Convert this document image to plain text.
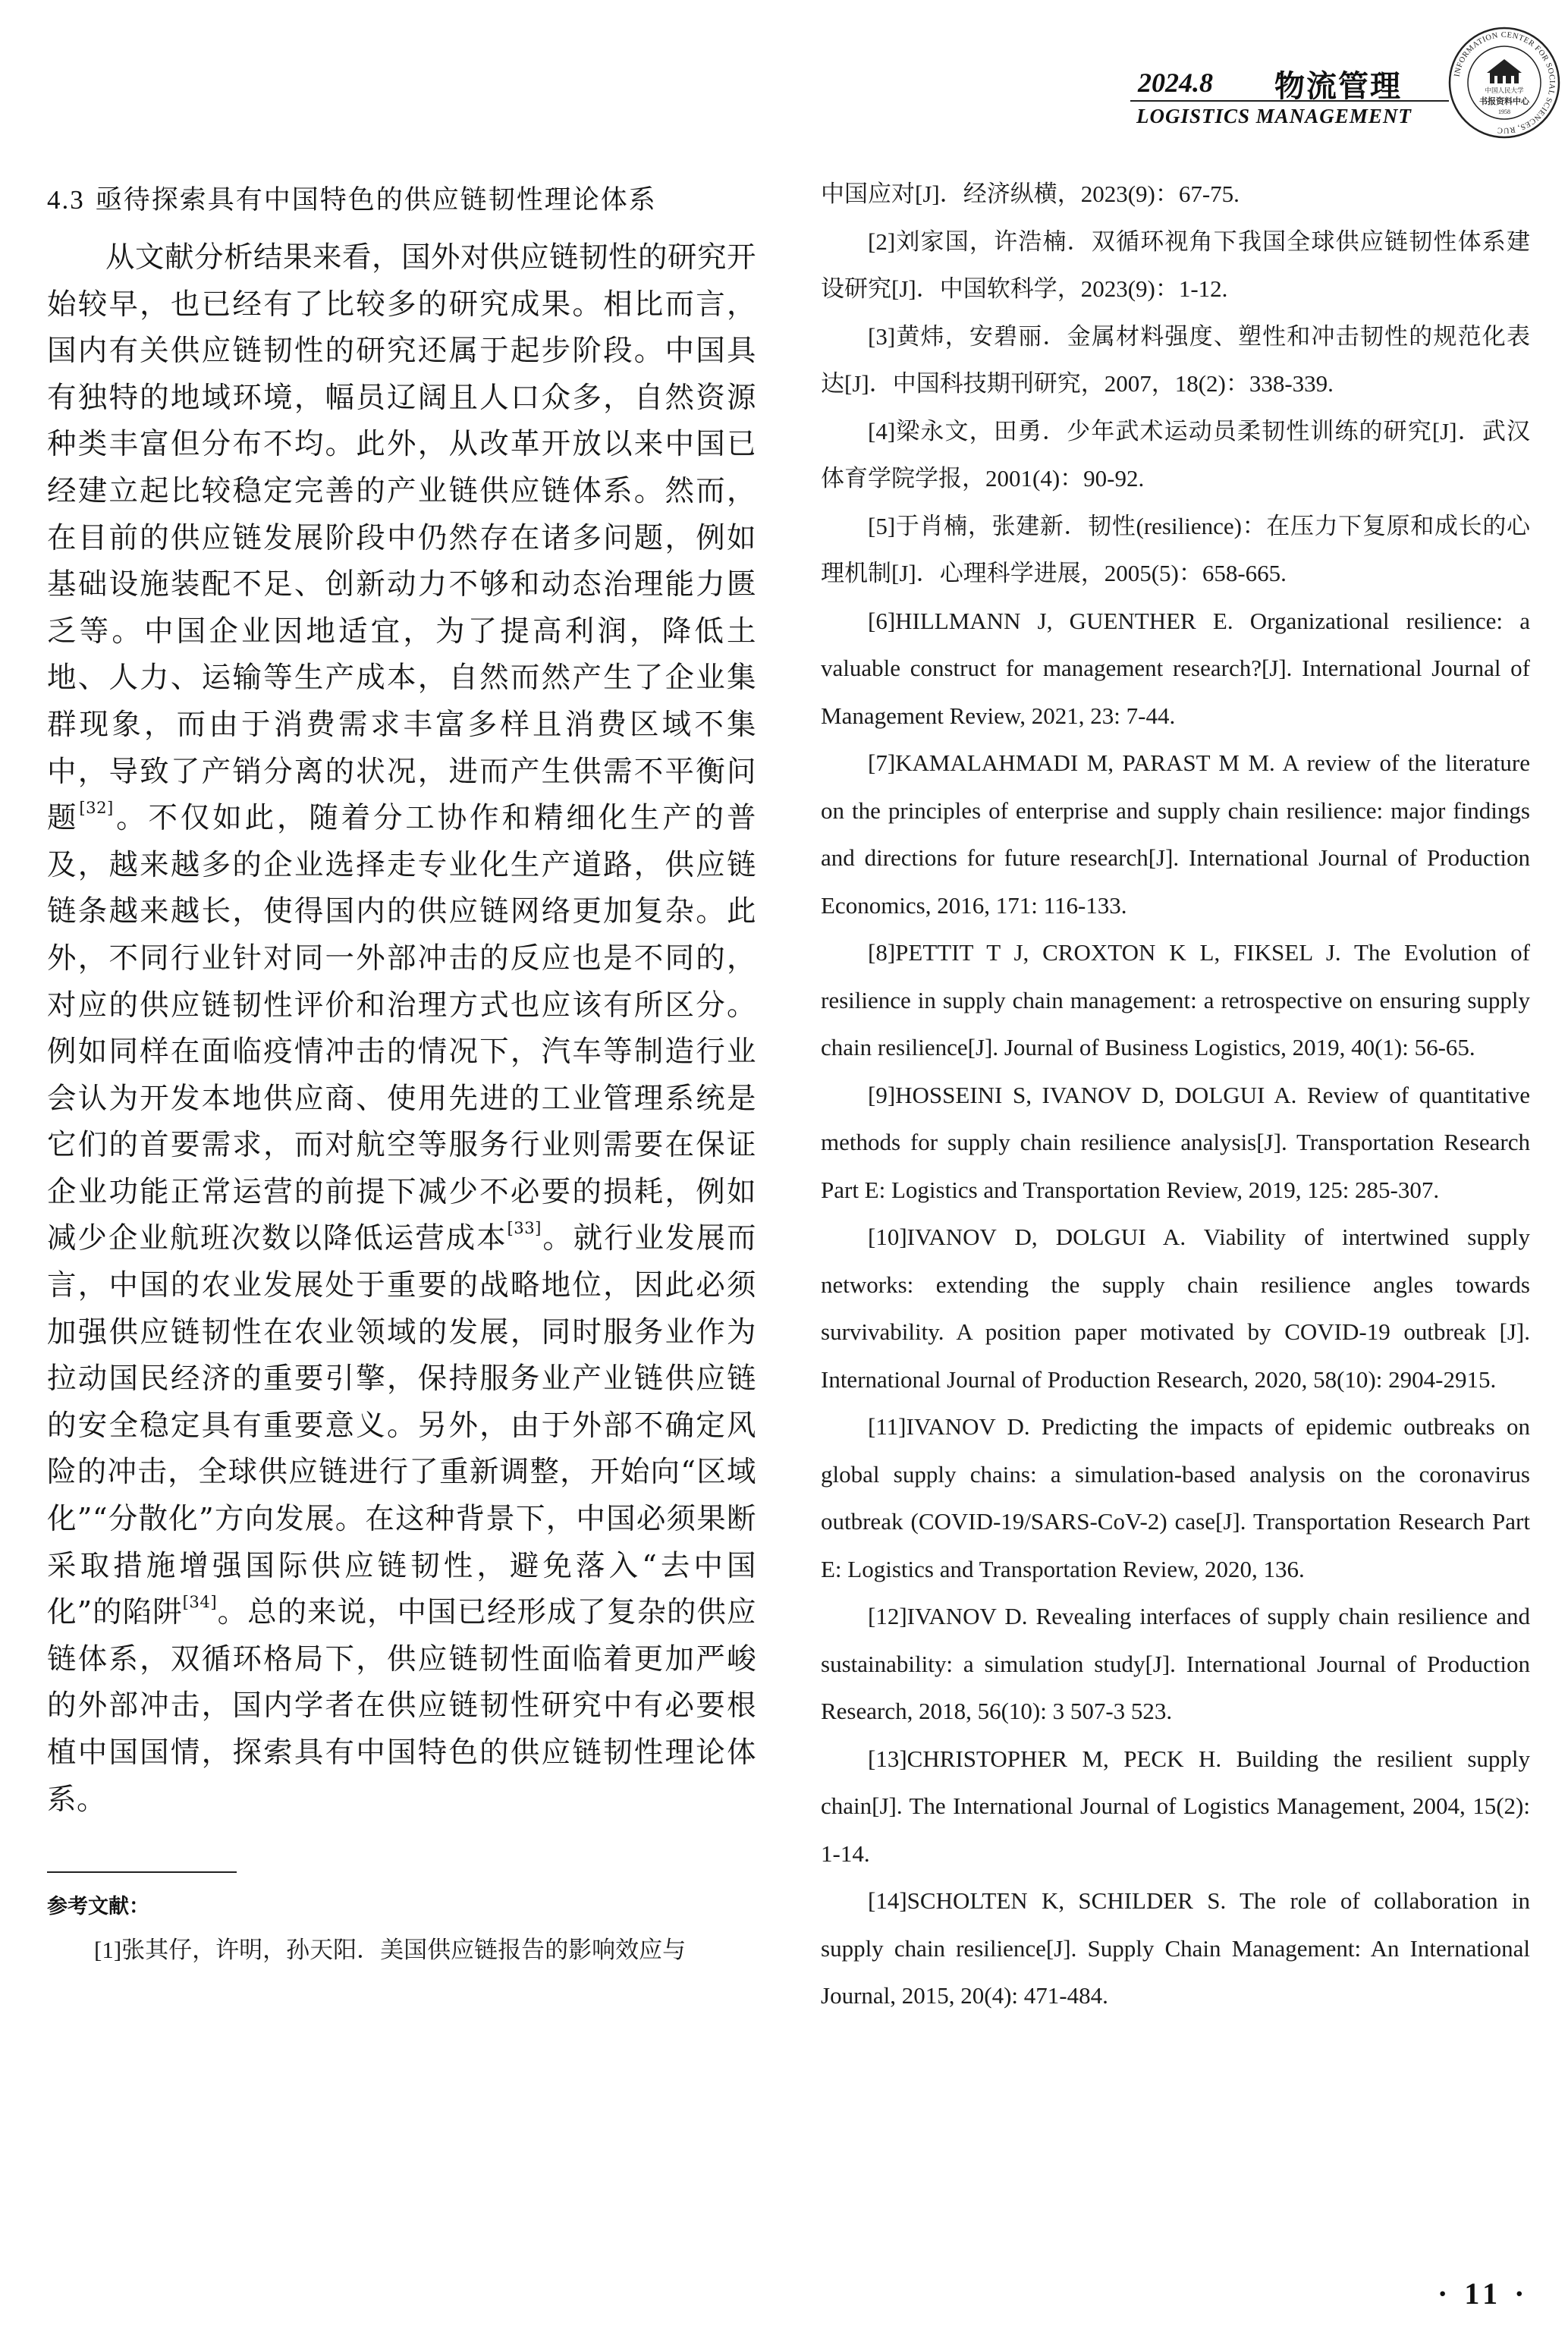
2024.8 物流管理
LOGISTICS MANAGEMENT
INFORMATION CENTER FOR SOCIAL SCIENCES, RUC
中国人民大学
书报资料中心
1958
4.3 亟待探索具有中国特色的供应链韧性理论体系

从文献分析结果来看，国外对供应链韧性的研究开始较早，也已经有了比较多的研究成果。相比而言，国内有关供应链韧性的研究还属于起步阶段。中国具有独特的地域环境，幅员辽阔且人口众多，自然资源种类丰富但分布不均。此外，从改革开放以来中国已经建立起比较稳定完善的产业链供应链体系。然而，在目前的供应链发展阶段中仍然存在诸多问题，例如基础设施装配不足、创新动力不够和动态治理能力匮乏等。中国企业因地适宜，为了提高利润，降低土地、人力、运输等生产成本，自然而然产生了企业集群现象，而由于消费需求丰富多样且消费区域不集中，导致了产销分离的状况，进而产生供需不平衡问题[32]。不仅如此，随着分工协作和精细化生产的普及，越来越多的企业选择走专业化生产道路，供应链链条越来越长，使得国内的供应链网络更加复杂。此外，不同行业针对同一外部冲击的反应也是不同的，对应的供应链韧性评价和治理方式也应该有所区分。例如同样在面临疫情冲击的情况下，汽车等制造行业会认为开发本地供应商、使用先进的工业管理系统是它们的首要需求，而对航空等服务行业则需要在保证企业功能正常运营的前提下减少不必要的损耗，例如减少企业航班次数以降低运营成本[33]。就行业发展而言，中国的农业发展处于重要的战略地位，因此必须加强供应链韧性在农业领域的发展，同时服务业作为拉动国民经济的重要引擎，保持服务业产业链供应链的安全稳定具有重要意义。另外，由于外部不确定风险的冲击，全球供应链进行了重新调整，开始向“区域化”“分散化”方向发展。在这种背景下，中国必须果断采取措施增强国际供应链韧性，避免落入“去中国化”的陷阱[34]。总的来说，中国已经形成了复杂的供应链体系，双循环格局下，供应链韧性面临着更加严峻的外部冲击，国内学者在供应链韧性研究中有必要根植中国国情，探索具有中国特色的供应链韧性理论体系。

参考文献：

[1]张其仔，许明，孙天阳．美国供应链报告的影响效应与

中国应对[J]．经济纵横，2023(9)：67-75.

[2]刘家国，许浩楠．双循环视角下我国全球供应链韧性体系建设研究[J]．中国软科学，2023(9)：1-12.

[3]黄炜，安碧丽．金属材料强度、塑性和冲击韧性的规范化表达[J]．中国科技期刊研究，2007，18(2)：338-339.

[4]梁永文，田勇．少年武术运动员柔韧性训练的研究[J]．武汉体育学院学报，2001(4)：90-92.

[5]于肖楠，张建新．韧性(resilience)：在压力下复原和成长的心理机制[J]．心理科学进展，2005(5)：658-665.

[6]HILLMANN J, GUENTHER E. Organizational resilience: a valuable construct for management research?[J]. International Journal of Management Review, 2021, 23: 7-44.

[7]KAMALAHMADI M, PARAST M M. A review of the literature on the principles of enterprise and supply chain resilience: major findings and directions for future research[J]. International Journal of Production Economics, 2016, 171: 116-133.

[8]PETTIT T J, CROXTON K L, FIKSEL J. The Evolution of resilience in supply chain management: a retrospective on ensuring supply chain resilience[J]. Journal of Business Logistics, 2019, 40(1): 56-65.

[9]HOSSEINI S, IVANOV D, DOLGUI A. Review of quantitative methods for supply chain resilience analysis[J]. Transportation Research Part E: Logistics and Transportation Review, 2019, 125: 285-307.

[10]IVANOV D, DOLGUI A. Viability of intertwined supply networks: extending the supply chain resilience angles towards survivability. A position paper motivated by COVID-19 outbreak [J]. International Journal of Production Research, 2020, 58(10): 2904-2915.

[11]IVANOV D. Predicting the impacts of epidemic outbreaks on global supply chains: a simulation-based analysis on the coronavirus outbreak (COVID-19/SARS-CoV-2) case[J]. Transportation Research Part E: Logistics and Transportation Review, 2020, 136.

[12]IVANOV D. Revealing interfaces of supply chain resilience and sustainability: a simulation study[J]. International Journal of Production Research, 2018, 56(10): 3 507-3 523.

[13]CHRISTOPHER M, PECK H. Building the resilient supply chain[J]. The International Journal of Logistics Management, 2004, 15(2): 1-14.

[14]SCHOLTEN K, SCHILDER S. The role of collaboration in supply chain resilience[J]. Supply Chain Management: An International Journal, 2015, 20(4): 471-484.

· 11 ·
